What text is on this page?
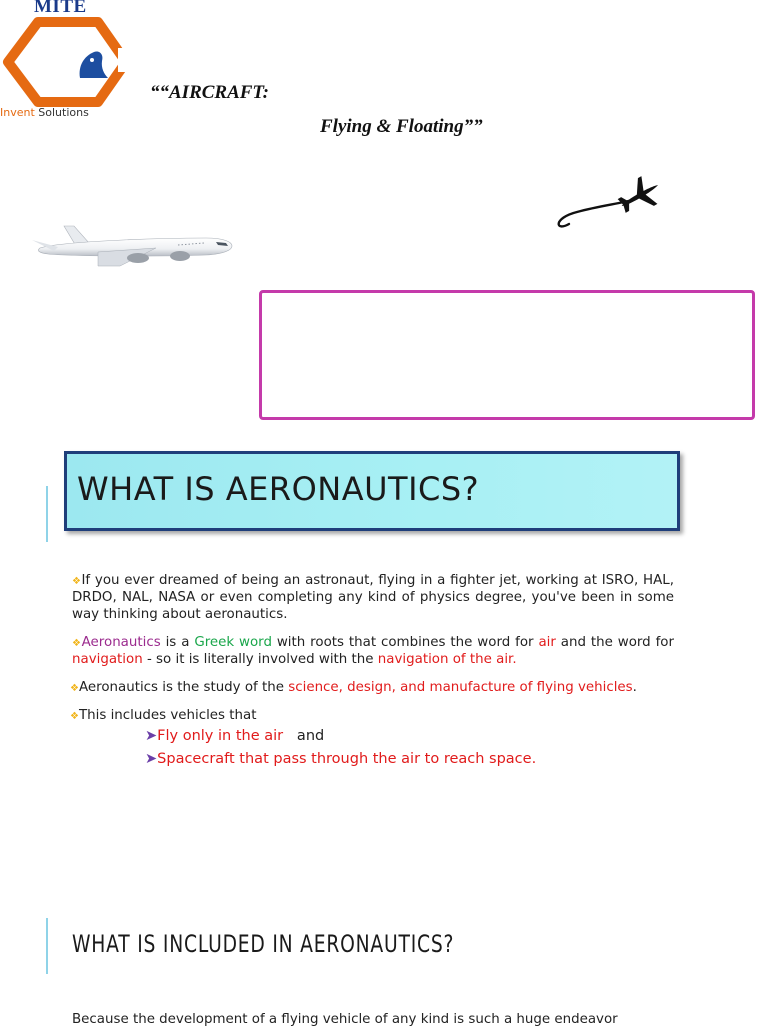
MITE
Invent Solutions
““AIRCRAFT:
Flying & Floating””
WHAT IS AERONAUTICS?
❖If you ever dreamed of being an astronaut, flying in a fighter jet, working at ISRO, HAL, DRDO, NAL, NASA or even completing any kind of physics degree, you've been in some way thinking about aeronautics.
❖Aeronautics is a Greek word with roots that combines the word for air and the word for navigation - so it is literally involved with the navigation of the air.
❖Aeronautics is the study of the science, design, and manufacture of flying vehicles.
❖This includes vehicles that
➤Fly only in the air   and
➤Spacecraft that pass through the air to reach space.
WHAT IS INCLUDED IN AERONAUTICS?
Because the development of a flying vehicle of any kind is such a huge endeavor
